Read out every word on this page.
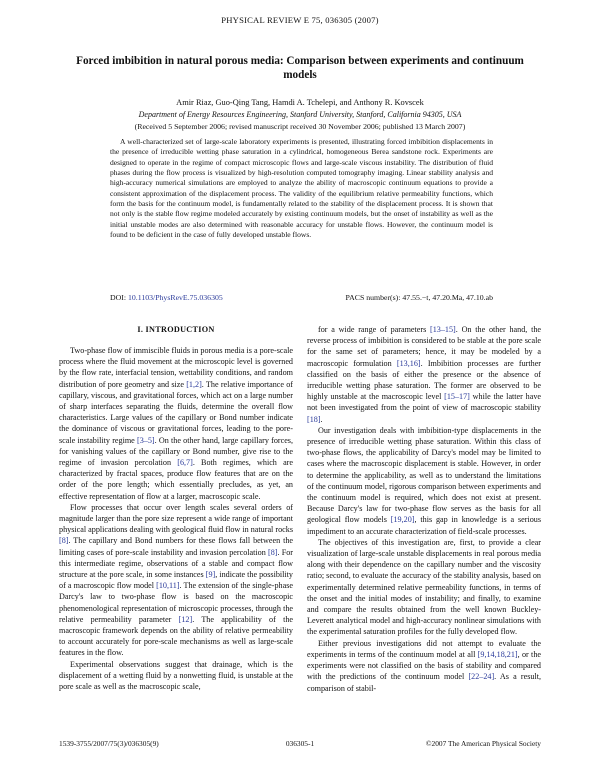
PHYSICAL REVIEW E 75, 036305 (2007)
Forced imbibition in natural porous media: Comparison between experiments and continuum models
Amir Riaz, Guo-Qing Tang, Hamdi A. Tchelepi, and Anthony R. Kovscek
Department of Energy Resources Engineering, Stanford University, Stanford, California 94305, USA
(Received 5 September 2006; revised manuscript received 30 November 2006; published 13 March 2007)

A well-characterized set of large-scale laboratory experiments is presented, illustrating forced imbibition displacements in the presence of irreducible wetting phase saturation in a cylindrical, homogeneous Berea sandstone rock. Experiments are designed to operate in the regime of compact microscopic flows and large-scale viscous instability. The distribution of fluid phases during the flow process is visualized by high-resolution computed tomography imaging. Linear stability analysis and high-accuracy numerical simulations are employed to analyze the ability of macroscopic continuum equations to provide a consistent approximation of the displacement process. The validity of the equilibrium relative permeability functions, which form the basis for the continuum model, is fundamentally related to the stability of the displacement process. It is shown that not only is the stable flow regime modeled accurately by existing continuum models, but the onset of instability as well as the initial unstable modes are also determined with reasonable accuracy for unstable flows. However, the continuum model is found to be deficient in the case of fully developed unstable flows.

DOI: 10.1103/PhysRevE.75.036305	PACS number(s): 47.55.−t, 47.20.Ma, 47.10.ab
I. INTRODUCTION

Two-phase flow of immiscible fluids in porous media is a pore-scale process where the fluid movement at the microscopic level is governed by the flow rate, interfacial tension, wettability conditions, and random distribution of pore geometry and size [1,2]. The relative importance of capillary, viscous, and gravitational forces, which act on a large number of sharp interfaces separating the fluids, determine the overall flow characteristics. Large values of the capillary or Bond number indicate the dominance of viscous or gravitational forces, leading to the pore-scale instability regime [3–5]. On the other hand, large capillary forces, for vanishing values of the capillary or Bond number, give rise to the regime of invasion percolation [6,7]. Both regimes, which are characterized by fractal spaces, produce flow features that are on the order of the pore length; which essentially precludes, as yet, an effective representation of flow at a larger, macroscopic scale.

Flow processes that occur over length scales several orders of magnitude larger than the pore size represent a wide range of important physical applications dealing with geological fluid flow in natural rocks [8]. The capillary and Bond numbers for these flows fall between the limiting cases of pore-scale instability and invasion percolation [8]. For this intermediate regime, observations of a stable and compact flow structure at the pore scale, in some instances [9], indicate the possibility of a macroscopic flow model [10,11]. The extension of the single-phase Darcy's law to two-phase flow is based on the macroscopic phenomenological representation of microscopic processes, through the relative permeability parameter [12]. The applicability of the macroscopic framework depends on the ability of relative permeability to account accurately for pore-scale mechanisms as well as large-scale features in the flow.

Experimental observations suggest that drainage, which is the displacement of a wetting fluid by a nonwetting fluid, is unstable at the pore scale as well as the macroscopic scale,

for a wide range of parameters [13–15]. On the other hand, the reverse process of imbibition is considered to be stable at the pore scale for the same set of parameters; hence, it may be modeled by a macroscopic formulation [13,16]. Imbibition processes are further classified on the basis of either the presence or the absence of irreducible wetting phase saturation. The former are observed to be highly unstable at the macroscopic level [15–17] while the latter have not been investigated from the point of view of macroscopic stability [18].

Our investigation deals with imbibition-type displacements in the presence of irreducible wetting phase saturation. Within this class of two-phase flows, the applicability of Darcy's model may be limited to cases where the macroscopic displacement is stable. However, in order to determine the applicability, as well as to understand the limitations of the continuum model, rigorous comparison between experiments and the continuum model is required, which does not exist at present. Because Darcy's law for two-phase flow serves as the basis for all geological flow models [19,20], this gap in knowledge is a serious impediment to an accurate characterization of field-scale processes.

The objectives of this investigation are, first, to provide a clear visualization of large-scale unstable displacements in real porous media along with their dependence on the capillary number and the viscosity ratio; second, to evaluate the accuracy of the stability analysis, based on experimentally determined relative permeability functions, in terms of the onset and the initial modes of instability; and finally, to examine and compare the results obtained from the well known Buckley-Leverett analytical model and high-accuracy nonlinear simulations with the experimental saturation profiles for the fully developed flow.

Either previous investigations did not attempt to evaluate the experiments in terms of the continuum model at all [9,14,18,21], or the experiments were not classified on the basis of stability and compared with the predictions of the continuum model [22–24]. As a result, comparison of stabil-

1539-3755/2007/75(3)/036305(9)	036305-1	©2007 The American Physical Society
